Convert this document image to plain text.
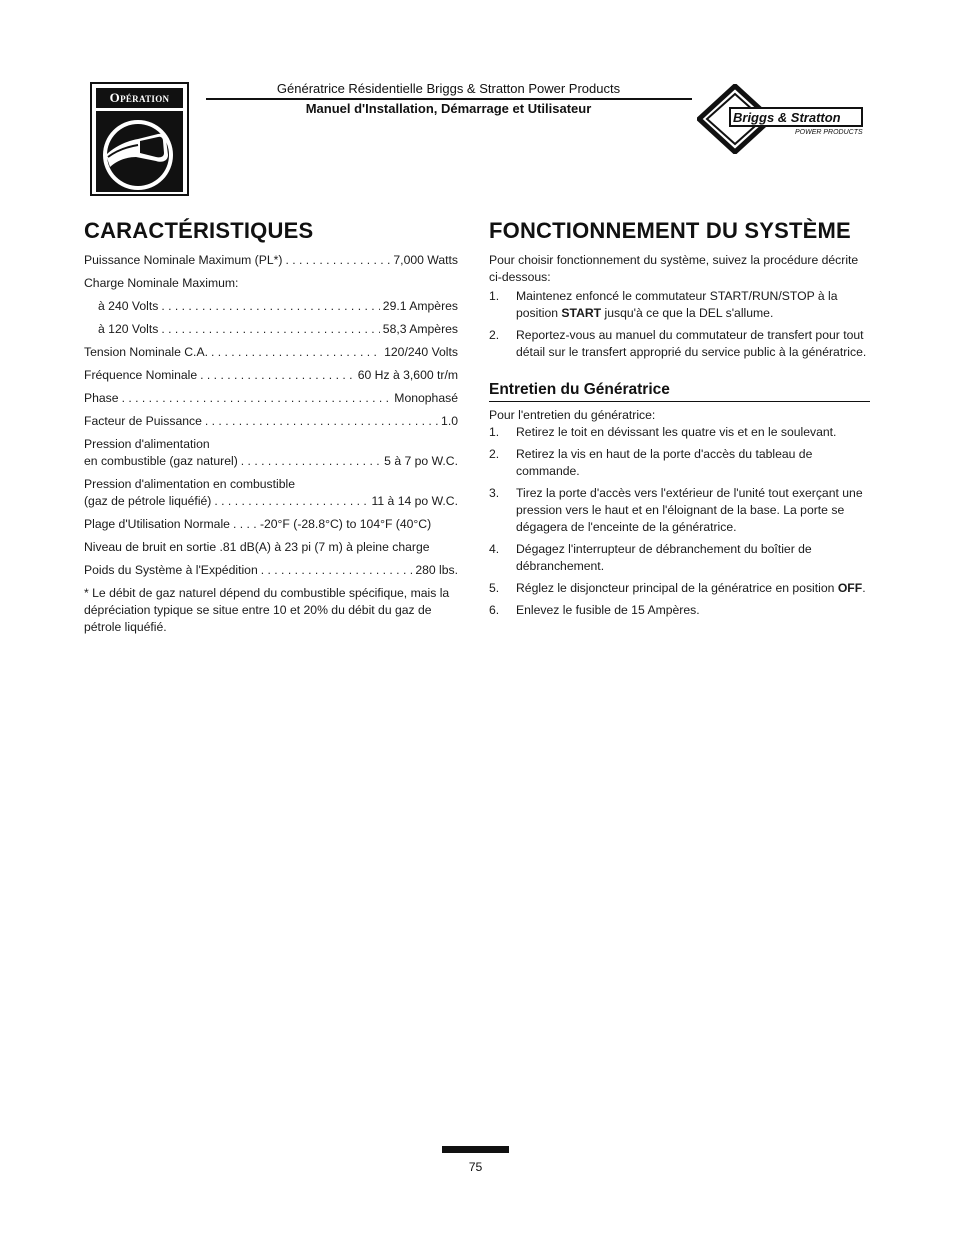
Opération
Génératrice Résidentielle Briggs & Stratton Power Products
Manuel d'Installation, Démarrage et Utilisateur
Briggs & Stratton
POWER PRODUCTS
CARACTÉRISTIQUES
Puissance Nominale Maximum (PL*) . . .	7,000 Watts
Charge Nominale Maximum:
à 240 Volts . . .	29.1 Ampères
à 120 Volts . . .	58,3 Ampères
Tension Nominale C.A. . . .	120/240 Volts
Fréquence Nominale . . .	60 Hz à 3,600 tr/m
Phase . . .	Monophasé
Facteur de Puissance . . .	1.0
Pression d'alimentation
en combustible (gaz naturel) . . .	5 à 7 po W.C.
Pression d'alimentation en combustible
(gaz de pétrole liquéfié) . . .	11 à 14 po W.C.
Plage d'Utilisation Normale . . . -20°F (-28.8°C) to 104°F (40°C)
Niveau de bruit en sortie .81 dB(A) à 23 pi (7 m) à pleine charge
Poids du Système à l'Expédition . . .	280 lbs.

* Le débit de gaz naturel dépend du combustible spécifique, mais la dépréciation typique se situe entre 10 et 20% du débit du gaz de pétrole liquéfié.

FONCTIONNEMENT DU SYSTÈME

Pour choisir fonctionnement du système, suivez la procédure décrite ci-dessous:

1.	Maintenez enfoncé le commutateur START/RUN/STOP à la position START jusqu'à ce que la DEL s'allume.
2.	Reportez-vous au manuel du commutateur de transfert pour tout détail sur le transfert approprié du service public à la génératrice.
Entretien du Génératrice

Pour l'entretien du génératrice:

1.	Retirez le toit en dévissant les quatre vis et en le soulevant.
2.	Retirez la vis en haut de la porte d'accès du tableau de commande.
3.	Tirez la porte d'accès vers l'extérieur de l'unité tout exerçant une pression vers le haut et en l'éloignant de la base. La porte se dégagera de l'enceinte de la génératrice.
4.	Dégagez l'interrupteur de débranchement du boîtier de débranchement.
5.	Réglez le disjoncteur principal de la génératrice en position OFF.
6.	Enlevez le fusible de 15 Ampères.
75
